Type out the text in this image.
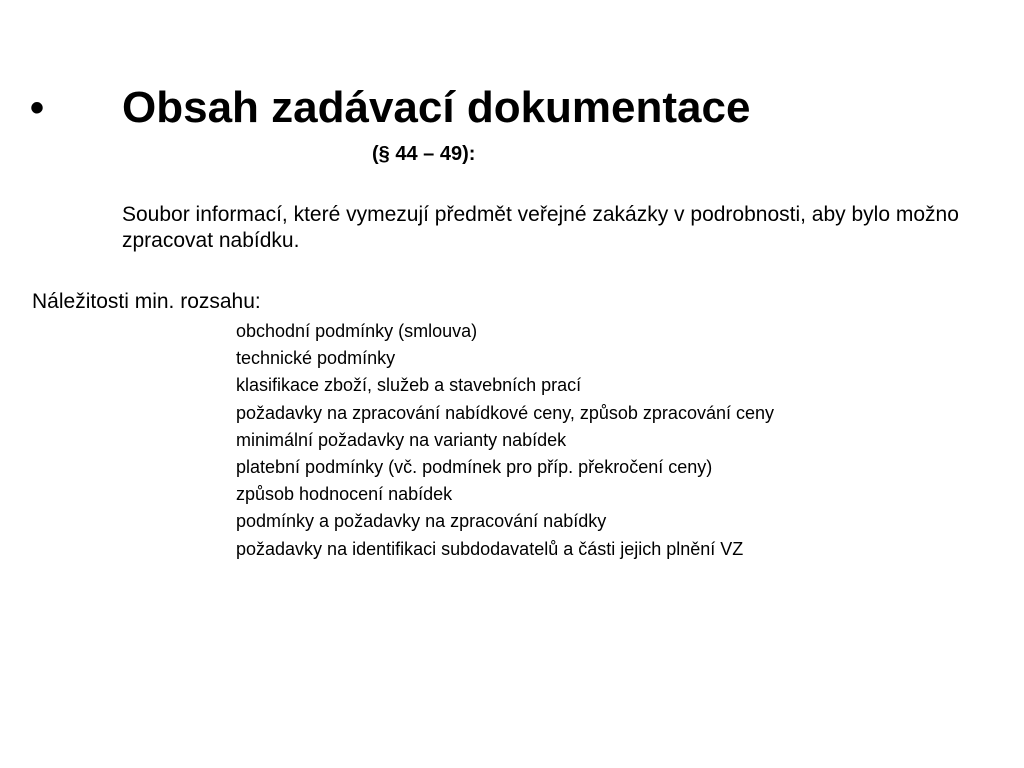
• Obsah zadávací dokumentace
(§ 44 – 49):

Soubor informací, které vymezují předmět veřejné zakázky v podrobnosti, aby bylo možno zpracovat nabídku.

Náležitosti min. rozsahu:
obchodní podmínky (smlouva)
technické podmínky
klasifikace zboží, služeb a stavebních prací
požadavky na zpracování nabídkové ceny, způsob zpracování ceny
minimální požadavky na varianty nabídek
platební podmínky (vč. podmínek pro příp. překročení ceny)
způsob hodnocení nabídek
podmínky a požadavky na zpracování nabídky
požadavky na identifikaci subdodavatelů a části jejich plnění VZ
